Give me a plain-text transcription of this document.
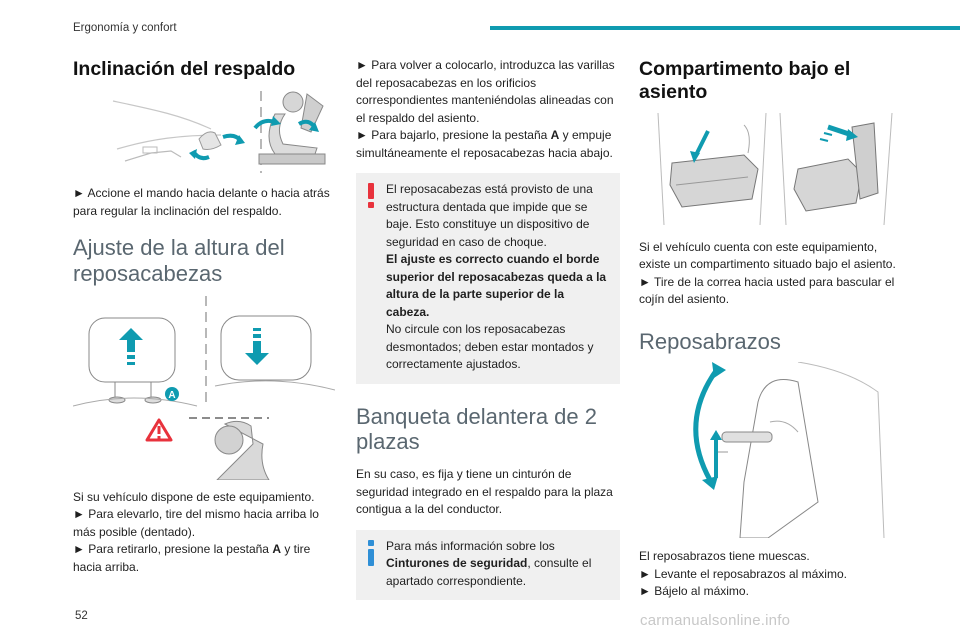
Ergonomía y confort
Inclinación del respaldo

► Accione el mando hacia delante o hacia atrás para regular la inclinación del respaldo.

Ajuste de la altura del reposacabezas
A

Si su vehículo dispone de este equipamiento.

► Para elevarlo, tire del mismo hacia arriba lo más posible (dentado).

► Para retirarlo, presione la pestaña A y tire hacia arriba.

► Para volver a colocarlo, introduzca las varillas del reposacabezas en los orificios correspondientes manteniéndolas alineadas con el respaldo del asiento.

► Para bajarlo, presione la pestaña A y empuje simultáneamente el reposacabezas hacia abajo.

El reposacabezas está provisto de una estructura dentada que impide que se baje. Esto constituye un dispositivo de seguridad en caso de choque.
El ajuste es correcto cuando el borde superior del reposacabezas queda a la altura de la parte superior de la cabeza.
No circule con los reposacabezas desmontados; deben estar montados y correctamente ajustados.
Banqueta delantera de 2 plazas

En su caso, es fija y tiene un cinturón de seguridad integrado en el respaldo para la plaza contigua a la del conductor.

Para más información sobre los Cinturones de seguridad, consulte el apartado correspondiente.
Compartimento bajo el asiento

Si el vehículo cuenta con este equipamiento, existe un compartimento situado bajo el asiento.

► Tire de la correa hacia usted para bascular el cojín del asiento.

Reposabrazos

El reposabrazos tiene muescas.

► Levante el reposabrazos al máximo.

► Bájelo al máximo.

52	carmanualsonline.info
